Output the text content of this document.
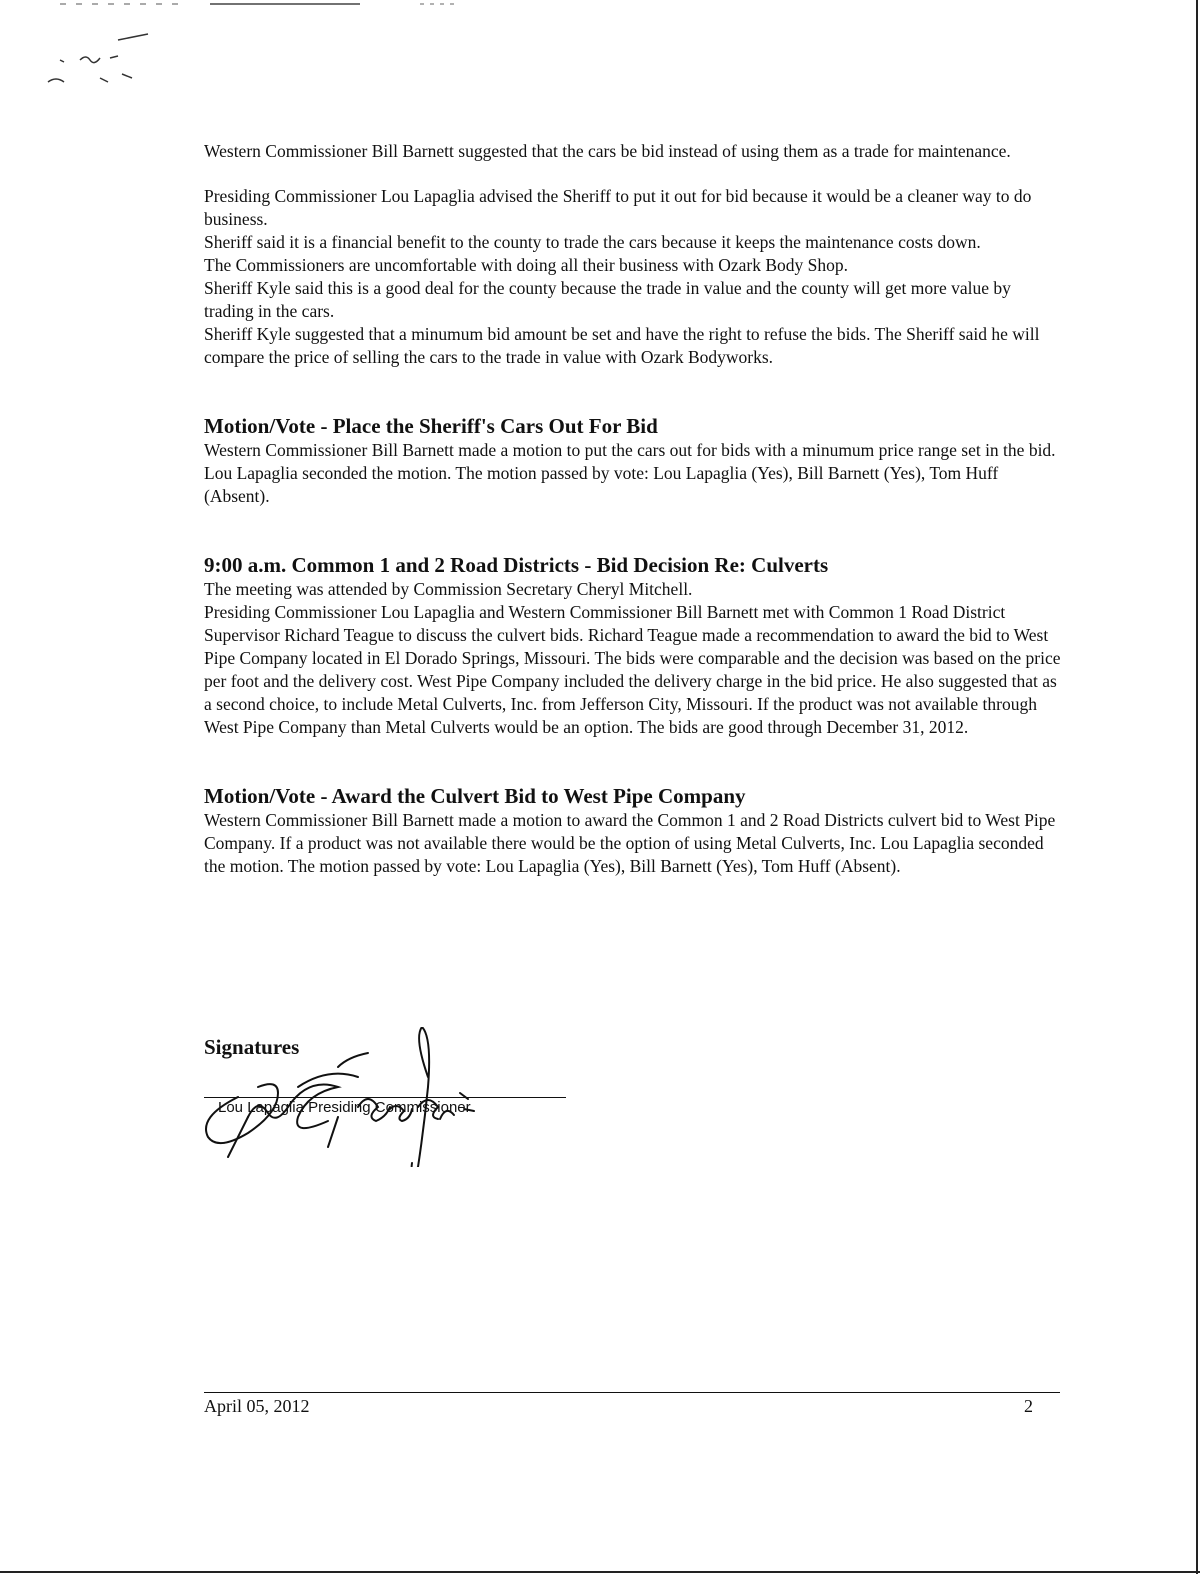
Western Commissioner Bill Barnett suggested that the cars be bid instead of using them as a trade for maintenance.

Presiding Commissioner Lou Lapaglia advised the Sheriff to put it out for bid because it would be a cleaner way to do business.

Sheriff said it is a financial benefit to the county to trade the cars because it keeps the maintenance costs down.

The Commissioners are uncomfortable with doing all their business with Ozark Body Shop.

Sheriff Kyle said this is a good deal for the county because the trade in value and the county will get more value by trading in the cars.

Sheriff Kyle suggested that a minumum bid amount be set and have the right to refuse the bids. The Sheriff said he will compare the price of selling the cars to the trade in value with Ozark Bodyworks.

Motion/Vote - Place the Sheriff's Cars Out For Bid

Western Commissioner Bill Barnett made a motion to put the cars out for bids with a minumum price range set in the bid. Lou Lapaglia seconded the motion. The motion passed by vote: Lou Lapaglia (Yes), Bill Barnett (Yes), Tom Huff (Absent).

9:00 a.m. Common 1 and 2 Road Districts - Bid Decision Re: Culverts

The meeting was attended by Commission Secretary Cheryl Mitchell.

Presiding Commissioner Lou Lapaglia and Western Commissioner Bill Barnett met with Common 1 Road District Supervisor Richard Teague to discuss the culvert bids. Richard Teague made a recommendation to award the bid to West Pipe Company located in El Dorado Springs, Missouri. The bids were comparable and the decision was based on the price per foot and the delivery cost. West Pipe Company included the delivery charge in the bid price. He also suggested that as a second choice, to include Metal Culverts, Inc. from Jefferson City, Missouri. If the product was not available through West Pipe Company than Metal Culverts would be an option. The bids are good through December 31, 2012.

Motion/Vote - Award the Culvert Bid to West Pipe Company

Western Commissioner Bill Barnett made a motion to award the Common 1 and 2 Road Districts culvert bid to West Pipe Company. If a product was not available there would be the option of using Metal Culverts, Inc. Lou Lapaglia seconded the motion. The motion passed by vote: Lou Lapaglia (Yes), Bill Barnett (Yes), Tom Huff (Absent).

Signatures
Lou Lapaglia Presiding Commissioner
April 05, 2012	2
